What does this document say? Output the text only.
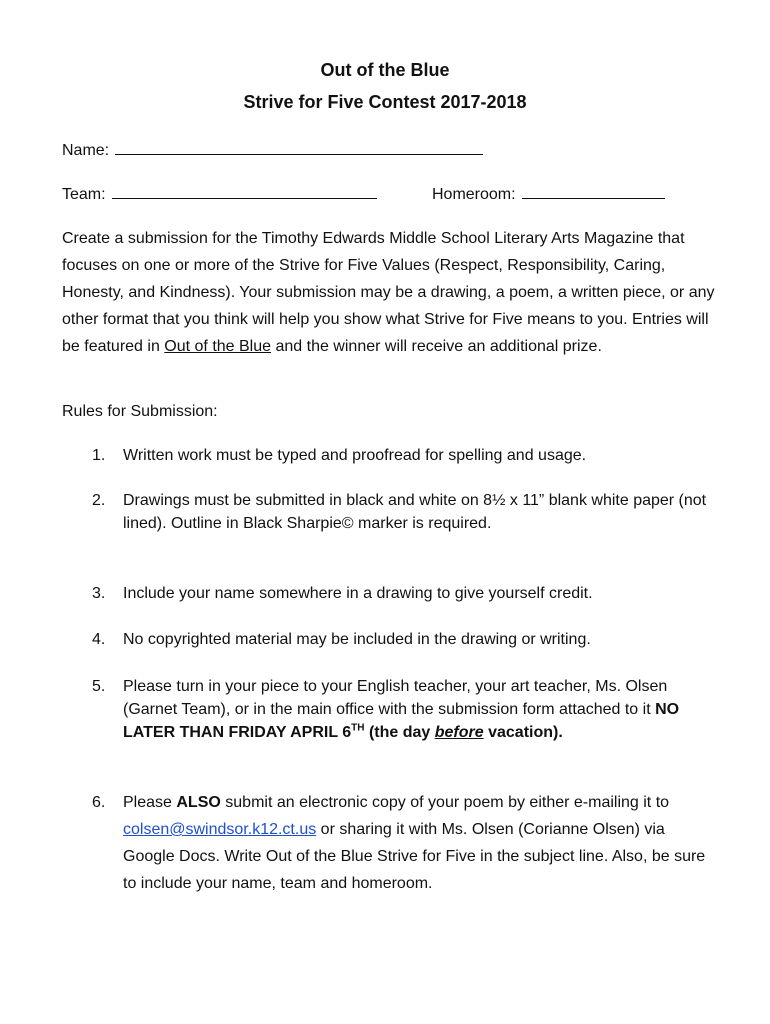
Out of the Blue
Strive for Five Contest 2017-2018
Name:
Team:	Homeroom:
Create a submission for the Timothy Edwards Middle School Literary Arts Magazine that focuses on one or more of the Strive for Five Values (Respect, Responsibility, Caring, Honesty, and Kindness). Your submission may be a drawing, a poem, a written piece, or any other format that you think will help you show what Strive for Five means to you. Entries will be featured in Out of the Blue and the winner will receive an additional prize.
Rules for Submission:
1.	Written work must be typed and proofread for spelling and usage.
2.	Drawings must be submitted in black and white on 8½ x 11” blank white paper (not lined). Outline in Black Sharpie© marker is required.
3.	Include your name somewhere in a drawing to give yourself credit.
4.	No copyrighted material may be included in the drawing or writing.
5.	Please turn in your piece to your English teacher, your art teacher, Ms. Olsen (Garnet Team), or in the main office with the submission form attached to it NO LATER THAN FRIDAY APRIL 6TH (the day before vacation).
6.	Please ALSO submit an electronic copy of your poem by either e-mailing it to colsen@swindsor.k12.ct.us or sharing it with Ms. Olsen (Corianne Olsen) via Google Docs. Write Out of the Blue Strive for Five in the subject line. Also, be sure to include your name, team and homeroom.
